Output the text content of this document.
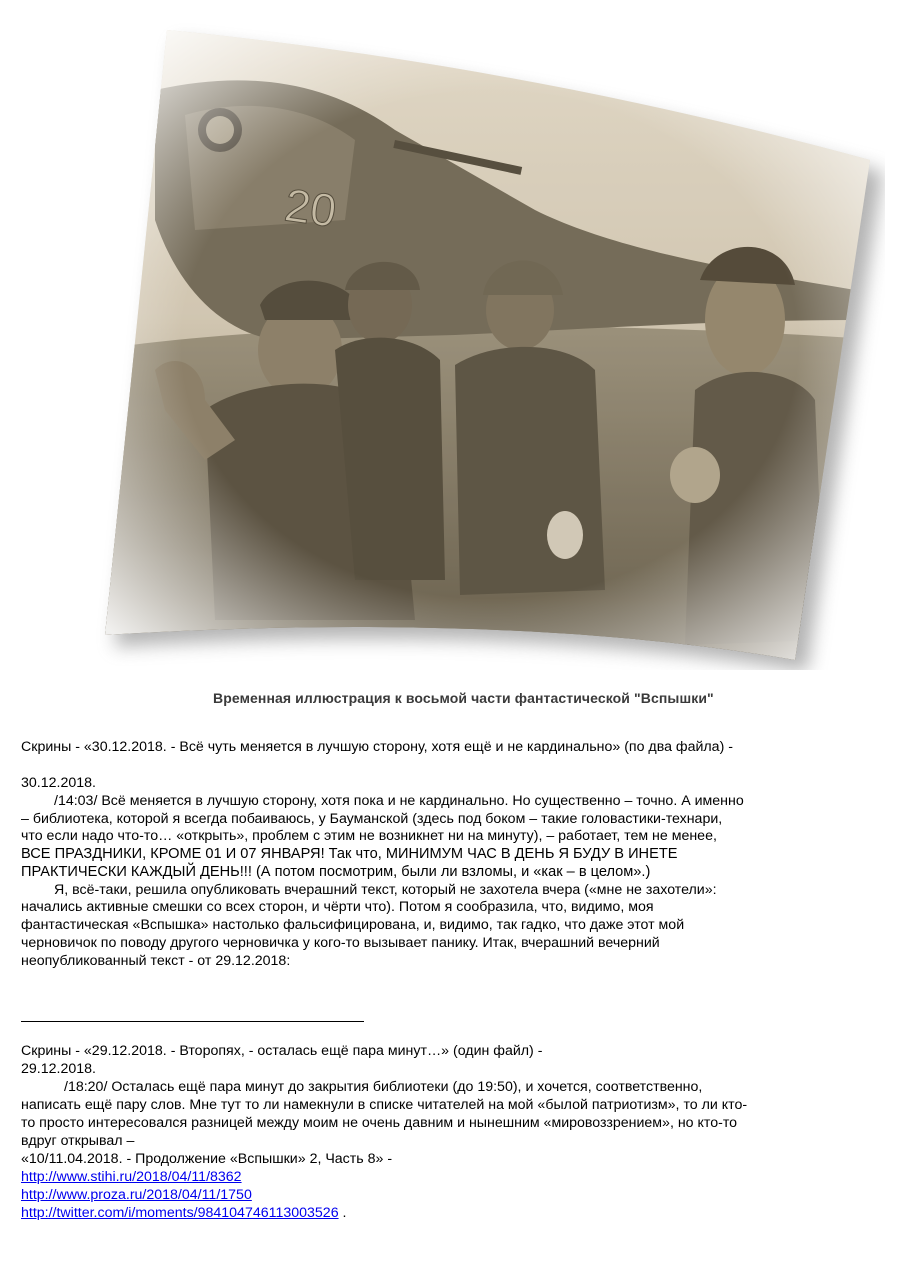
Временная иллюстрация к восьмой части фантастической "Вспышки"
Скрины - «30.12.2018. - Всё чуть меняется в лучшую сторону, хотя ещё и не кардинально» (по два файла) -
30.12.2018.
/14:03/ Всё меняется в лучшую сторону, хотя пока и не кардинально. Но существенно – точно. А именно
– библиотека, которой я всегда побаиваюсь, у Бауманской (здесь под боком – такие головастики-технари,
что если надо что-то… «открыть», проблем с этим не возникнет ни на минуту), – работает, тем не менее,
ВСЕ ПРАЗДНИКИ, КРОМЕ 01 И 07 ЯНВАРЯ! Так что, МИНИМУМ ЧАС В ДЕНЬ Я БУДУ В ИНЕТЕ
ПРАКТИЧЕСКИ КАЖДЫЙ ДЕНЬ!!! (А потом посмотрим, были ли взломы, и «как – в целом».)
Я, всё-таки, решила опубликовать вчерашний текст, который не захотела вчера («мне не захотели»:
начались активные смешки со всех сторон, и чёрти что). Потом я сообразила, что, видимо, моя
фантастическая «Вспышка» настолько фальсифицирована, и, видимо, так гадко, что даже этот мой
черновичок по поводу другого черновичка у кого-то вызывает панику. Итак, вчерашний вечерний
неопубликованный текст - от 29.12.2018:
Скрины - «29.12.2018. - Второпях, - осталась ещё пара минут…» (один файл) -
29.12.2018.
/18:20/ Осталась ещё пара минут до закрытия библиотеки (до 19:50), и хочется, соответственно,
написать ещё пару слов. Мне тут то ли намекнули в списке читателей на мой «былой патриотизм», то ли кто-
то просто интересовался разницей между моим не очень давним и нынешним «мировоззрением», но кто-то
вдруг открывал –
«10/11.04.2018. - Продолжение «Вспышки» 2, Часть 8» -
http://www.stihi.ru/2018/04/11/8362
http://www.proza.ru/2018/04/11/1750
http://twitter.com/i/moments/984104746113003526 .
